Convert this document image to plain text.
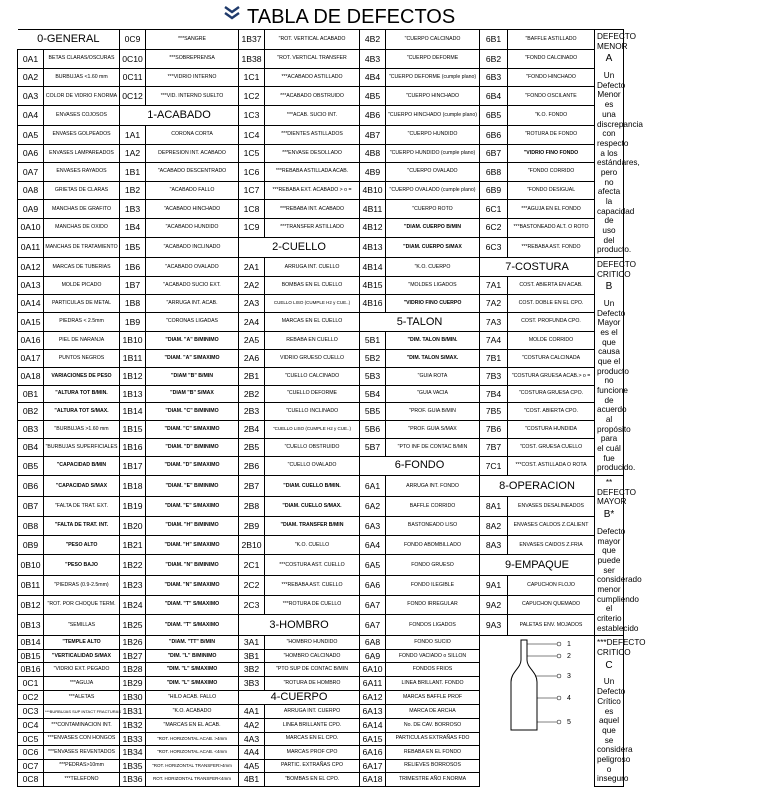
TABLA DE DEFECTOS
0-GENERAL		0C9	***SANGRE	1B37	"ROT. VERTICAL ACABADO	4B2	"CUERPO CALCINADO	6B1	"BAFFLE ASTILLADO	DEFECTO MENOR
A
Un Defecto Menor es una discrepancia con respecto a los estándares, pero no afecta la capacidad de uso del producto.
0A1	BETAS CLARAS/OSCURAS	0C10	***SOBREPRENSA	1B38	"ROT. VERTICAL TRANSFER	4B3	"CUERPO DEFORME	6B2	"FONDO CALCINADO	
0A2	BURBUJAS <1.60 mm	0C11	***VIDRIO INTERNO	1C1	***ACABADO ASTILLADO	4B4	"CUERPO DEFORME (cumple plano)	6B3	"FONDO HINCHADO	
0A3	COLOR DE VIDRIO F.NORMA	0C12	***VID. INTERNO SUELTO	1C2	***ACABADO OBSTRUIDO	4B5	"CUERPO HINCHADO	6B4	"FONDO OSCILANTE	
0A4	ENVASES COJOSOS	1-ACABADO		1C3	***ACAB. SUCIO INT.	4B6	"CUERPO HINCHADO (cumple plano)	6B5	"K.O. FONDO	
0A5	ENVASES GOLPEADOS	1A1	CORONA CORTA	1C4	***DIENTES ASTILLADOS	4B7	"CUERPO HUNDIDO	6B6	"ROTURA DE FONDO	
0A6	ENVASES LAMPAREADOS	1A2	DEPRESION INT. ACABADO	1C5	***ENVASE DESOLLADO	4B8	"CUERPO HUNDIDO (cumple plano)	6B7	"VIDRIO FINO FONDO	
0A7	ENVASES RAYADOS	1B1	"ACABADO DESCENTRADO	1C6	***REBABA ASTILLADA ACAB.	4B9	"CUERPO OVALADO	6B8	"FONDO CORRIDO	
0A8	GRIETAS DE CLARAS	1B2	"ACABADO FALLO	1C7	***REBABA EXT. ACABADO > o =	4B10	"CUERPO OVALADO (cumple plano)	6B9	"FONDO DESIGUAL	
0A9	MANCHAS DE GRAFITO	1B3	"ACABADO HINCHADO	1C8	***REBABA INT. ACABADO	4B11	"CUERPO ROTO	6C1	***AGUJA EN EL FONDO	
0A10	MANCHAS DE OXIDO	1B4	"ACABADO HUNDIDO	1C9	***TRANSFER ASTILLADO	4B12	"DIAM. CUERPO B/MIN	6C2	***BASTONEADO ALT. O ROTO	
0A11	MANCHAS DE TRATAMIENTO	1B5	"ACABADO INCLINADO	2-CUELLO		4B13	"DIAM. CUERPO S/MAX	6C3	***REBABA AST. FONDO	
0A12	MARCAS DE TUBERIAS	1B6	"ACABADO OVALADO	2A1	ARRUGA INT. CUELLO	4B14	"K.O. CUERPO	7-COSTURA		DEFECTO CRITICO
B
Un Defecto Mayor es el que causa que el producto no funcione de acuerdo al propósito para el cuál fue producido.
0A13	MOLDE PICADO	1B7	"ACABADO SUCIO EXT.	2A2	BOMBAS EN EL CUELLO	4B15	"MOLDES LIGADOS	7A1	COST. ABIERTA EN ACAB.	
0A14	PARTICULAS DE METAL	1B8	"ARRUGA INT. ACAB.	2A3	CUELLO LISO (CUMPLE H2 y CUE..)	4B16	"VIDRIO FINO CUERPO	7A2	COST. DOBLE EN EL CPO.	
0A15	PIEDRAS < 2.5mm	1B9	"CORONAS LIGADAS	2A4	MARCAS EN EL CUELLO	5-TALON		7A3	COST. PROFUNDA CPO.	
0A16	PIEL DE NARANJA	1B10	"DIAM. "A" B/MINIMO	2A5	REBABA EN CUELLO	5B1	"DIM. TALON B/MIN.	7A4	MOLDE CORRIDO	
0A17	PUNTOS NEGROS	1B11	"DIAM. "A" S/MAXIMO	2A6	VIDRIO GRUESO CUELLO	5B2	"DIM. TALON S/MAX.	7B1	"COSTURA CALCINADA	
0A18	VARIACIONES DE PESO	1B12	"DIAM "B" B/MIN	2B1	"CUELLO CALCINADO	5B3	"GUIA ROTA	7B3	"COSTURA GRUESA ACAB.> o =	
0B1	"ALTURA TOT B/MIN.	1B13	"DIAM "B" S/MAX	2B2	"CUELLO DEFORME	5B4	"GUIA VACIA	7B4	"COSTURA GRUESA CPO.	
0B2	"ALTURA TOT S/MAX.	1B14	"DIAM. "C" B/MINIMO	2B3	"CUELLO INCLINADO	5B5	"PROF. GUIA B/MIN	7B5	"COST. ABIERTA CPO.	
0B3	"BURBUJAS >1.60 mm	1B15	"DIAM. "C" S/MAXIMO	2B4	"CUELLO LISO (CUMPLE H2 y CUE..)	5B6	"PROF. GUIA S/MAX	7B6	"COSTURA HUNDIDA	
0B4	"BURBUJAS SUPERFICIALES	1B16	"DIAM. "D" B/MINIMO	2B5	"CUELLO OBSTRUIDO	5B7	"PTO INF DE CONTAC B/MIN	7B7	"COST. GRUESA CUELLO	
0B5	"CAPACIDAD B/MIN	1B17	"DIAM. "D" S/MAXIMO	2B6	"CUELLO OVALADO	6-FONDO		7C1	***COST. ASTILLADA O ROTA	
0B6	"CAPACIDAD S/MAX	1B18	"DIAM. "E" B/MINIMO	2B7	"DIAM. CUELLO B/MIN.	6A1	ARRUGA INT. FONDO	8-OPERACION		** DEFECTO MAYOR
B*
Defecto mayor que puede ser considerado menor cumpliendo el criterio establecido
0B7	"FALTA DE TRAT. EXT.	1B19	"DIAM. "E" S/MAXIMO	2B8	"DIAM. CUELLO S/MAX.	6A2	BAFFLE CORRIDO	8A1	ENVASES DESALINEADOS	
0B8	"FALTA DE TRAT. INT.	1B20	"DIAM. "H" B/MINIMO	2B9	"DIAM. TRANSFER B/MIN	6A3	BASTONEADO LISO	8A2	ENVASES CALDOS Z.CALIENT	
0B9	"PESO ALTO	1B21	"DIAM. "H" S/MAXIMO	2B10	"K.O. CUELLO	6A4	FONDO ABOMBILLADO	8A3	ENVASES CAIDOS Z.FRIA	
0B10	"PESO BAJO	1B22	"DIAM. "N" B/MINIMO	2C1	***COSTURA AST. CUELLO	6A5	FONDO GRUESO	9-EMPAQUE		
0B11	"PIEDRAS (0.9-2.5mm)	1B23	"DIAM. "N" S/MAXIMO	2C2	***REBABA AST. CUELLO	6A6	FONDO ILEGIBLE	9A1	CAPUCHON FLOJO	
0B12	"ROT. POR CHOQUE TERM.	1B24	"DIAM. "T" S/MAXIMO	2C3	***ROTURA DE CUELLO	6A7	FONDO IRREGULAR	9A2	CAPUCHON QUEMADO	
0B13	"SEMILLAS	1B25	"DIAM. "T" S/MAXIMO	3-HOMBRO		6A7	FONDOS LIGADOS	9A3	PALETAS ENV. MOJADOS	
0B14	"TEMPLE ALTO	1B26	"DIAM. "TT" B/MIN	3A1	"HOMBRO HUNDIDO	6A8	FONDO SUCIO	1
2
3
4
5		***DEFECTO CRITICO
C
Un Defecto Crítico es aquel que se considera peligroso o inseguro
0B15	"VERTICALIDAD S/MAX	1B27	"DIM. "L" B/MINIMO	3B1	"HOMBRO CALCINADO	6A9	FONDO VACIADO o SILLON			
0B16	"VIDRIO EXT. PEGADO	1B28	"DIM. "L" S/MAXIMO	3B2	"PTO SUP DE CONTAC B/MIN	6A10	FONDOS FRIOS			
0C1	***AGUJA	1B29	"DIM. "L" S/MAXIMO	3B3	"ROTURA DE HOMBRO	6A11	LINEA BRILLANT. FONDO			
0C2	***ALETAS	1B30	"HILO ACAB. FALLO	4-CUERPO		6A12	MARCAS BAFFLE PROF			
0C3	***BURBUJAS SUP INTACT FRACTURAS	1B31	"K.O. ACABADO	4A1	ARRUGA INT. CUERPO	6A13	MARCA DE ARCHA			
0C4	***CONTAMINACION INT.	1B32	"MARCAS EN EL ACAB.	4A2	LINEA BRILLANTE CPO.	6A14	No. DE CAV. BORROSO			
0C5	***ENVASES CON HONGOS	1B33	"ROT. HORIZONTAL ACAB. >4mm	4A3	MARCAS EN EL CPO.	6A15	PARTICULAS EXTRAÑAS FDO			
0C6	***ENVASES REVENTADOS	1B34	"ROT. HORIZONTAL ACAB. <4mm	4A4	MARCAS PROF CPO	6A16	REBABA EN EL FONDO			
0C7	***PEDRAS>10mm	1B35	"ROT. HORIZONTAL TRANSFER>4mm	4A5	PARTIC. EXTRAÑAS CPO	6A17	RELIEVES BORROSOS			
0C8	***TELEFONO	1B36	ROT. HORIZONTAL TRANSFER<4mm	4B1	"BOMBAS EN EL CPO.	6A18	TRIMESTRE AÑO F.NORMA			
